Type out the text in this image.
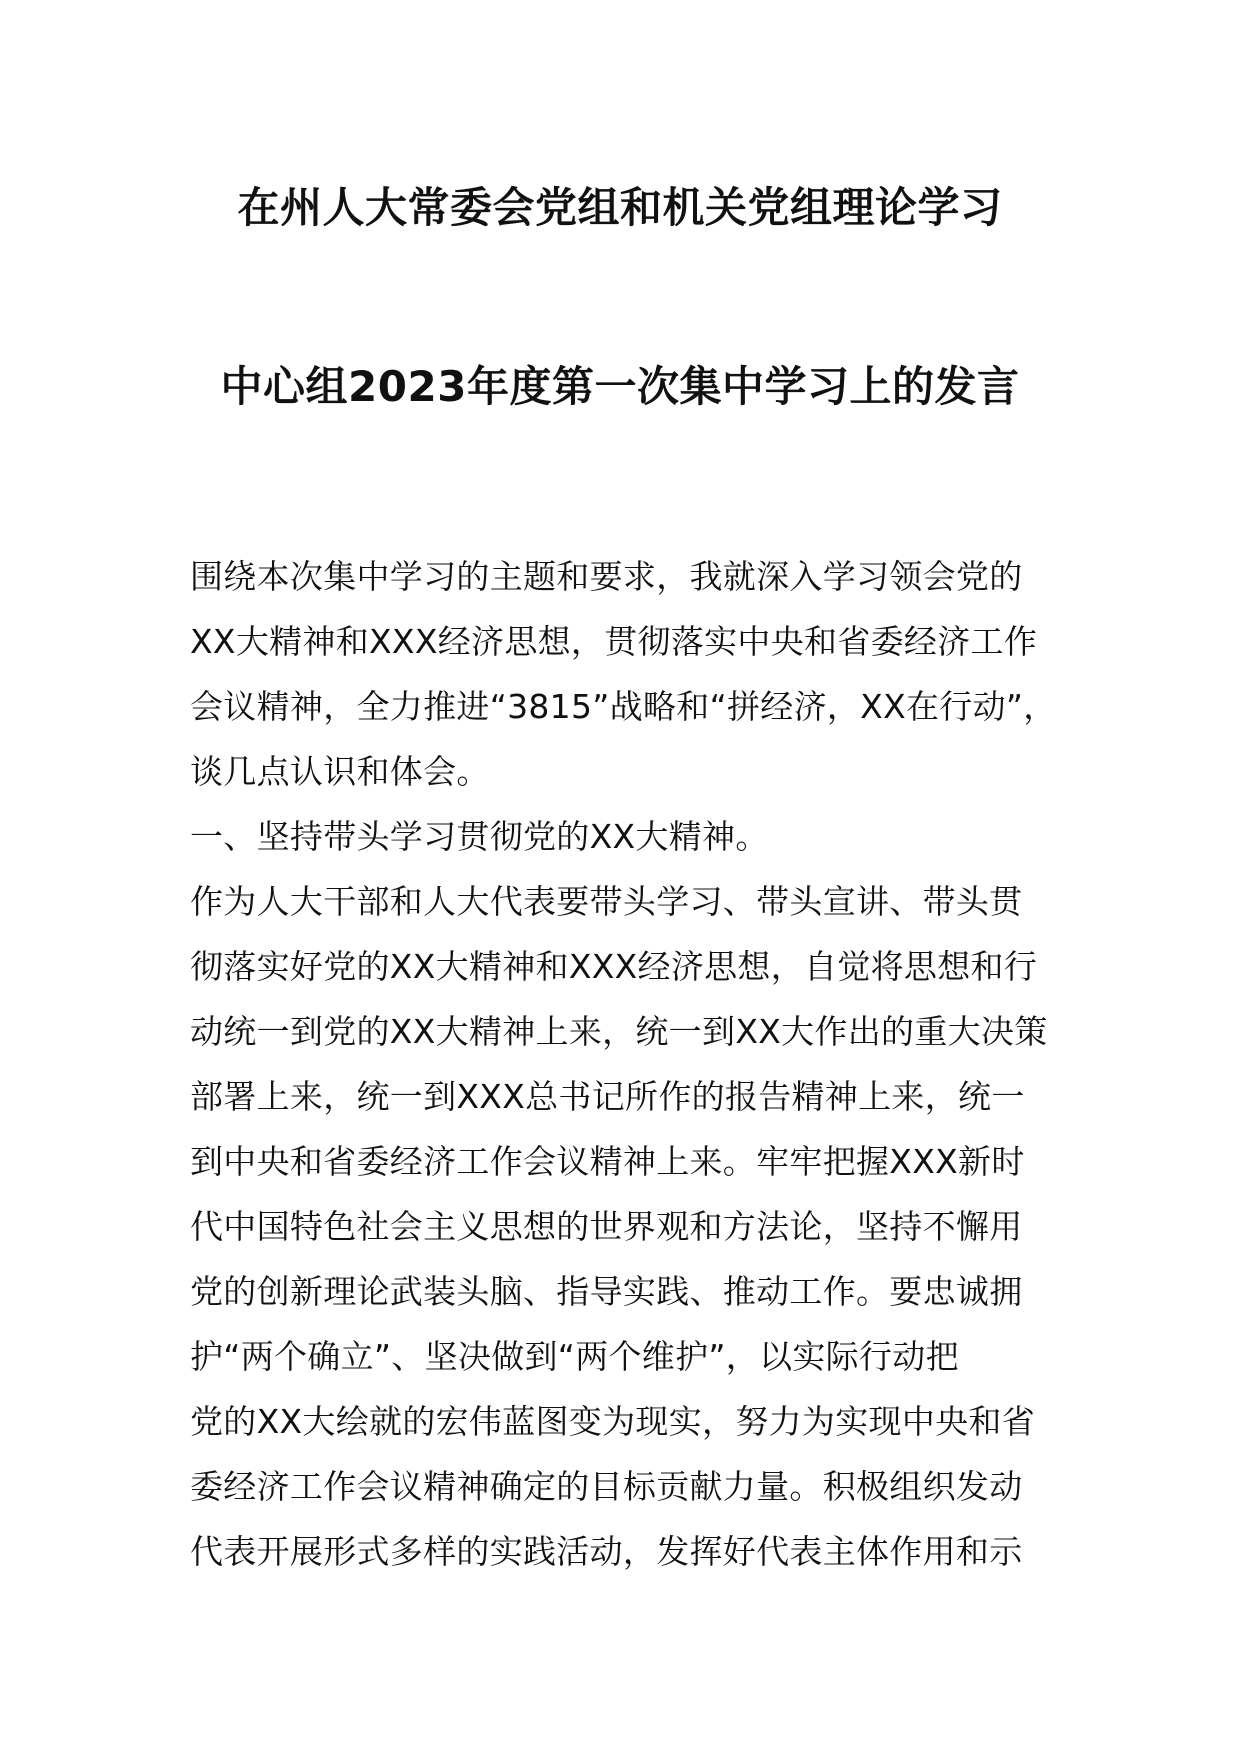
在州人大常委会党组和机关党组理论学习
中心组2023年度第一次集中学习上的发言
围绕本次集中学习的主题和要求，我就深入学习领会党的
XX大精神和XXX经济思想，贯彻落实中央和省委经济工作
会议精神，全力推进“3815”战略和“拼经济，XX在行动”，
谈几点认识和体会。
一、坚持带头学习贯彻党的XX大精神。
作为人大干部和人大代表要带头学习、带头宣讲、带头贯
彻落实好党的XX大精神和XXX经济思想，自觉将思想和行
动统一到党的XX大精神上来，统一到XX大作出的重大决策
部署上来，统一到XXX总书记所作的报告精神上来，统一
到中央和省委经济工作会议精神上来。牢牢把握XXX新时
代中国特色社会主义思想的世界观和方法论，坚持不懈用
党的创新理论武装头脑、指导实践、推动工作。要忠诚拥
护“两个确立”、坚决做到“两个维护”，以实际行动把
党的XX大绘就的宏伟蓝图变为现实，努力为实现中央和省
委经济工作会议精神确定的目标贡献力量。积极组织发动
代表开展形式多样的实践活动，发挥好代表主体作用和示
